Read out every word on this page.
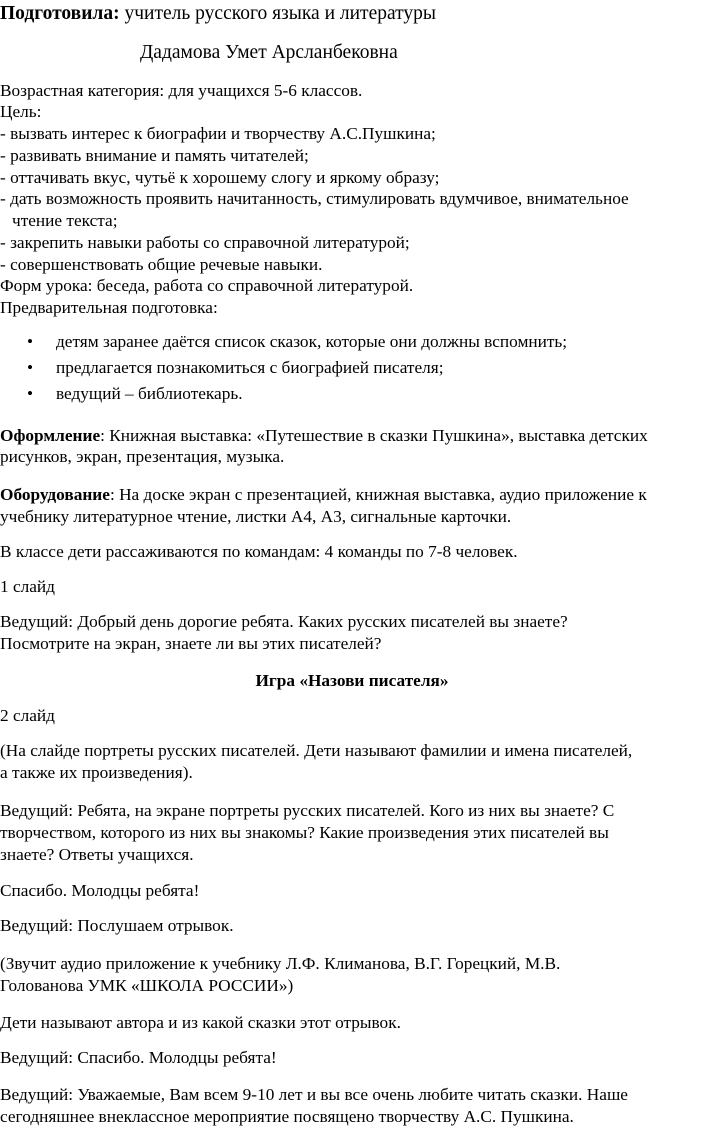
Подготовила: учитель русского языка и литературы
Дадамова Умет Арсланбековна
Возрастная категория: для учащихся 5-6 классов.
Цель:
- вызвать интерес к биографии и творчеству А.С.Пушкина;
- развивать внимание и память читателей;
- оттачивать вкус, чутьё к хорошему слогу и яркому образу;
- дать возможность проявить начитанность, стимулировать вдумчивое, внимательное
чтение текста;
- закрепить навыки работы со справочной литературой;
- совершенствовать общие речевые навыки.
Форм урока: беседа, работа со справочной литературой.
Предварительная подготовка:
• детям заранее даётся список сказок, которые они должны вспомнить;
• предлагается познакомиться с биографией писателя;
• ведущий – библиотекарь.
Оформление: Книжная выставка: «Путешествие в сказки Пушкина», выставка детских
рисунков, экран, презентация, музыка.
Оборудование: На доске экран с презентацией, книжная выставка, аудио приложение к
учебнику литературное чтение, листки А4, А3, сигнальные карточки.
В классе дети рассаживаются по командам: 4 команды по 7-8 человек.
1 слайд
Ведущий: Добрый день дорогие ребята. Каких русских писателей вы знаете?
Посмотрите на экран, знаете ли вы этих писателей?
Игра «Назови писателя»
2 слайд
(На слайде портреты русских писателей. Дети называют фамилии и имена писателей,
а также их произведения).
Ведущий: Ребята, на экране портреты русских писателей. Кого из них вы знаете? С
творчеством, которого из них вы знакомы? Какие произведения этих писателей вы
знаете? Ответы учащихся.
Спасибо. Молодцы ребята!
Ведущий: Послушаем отрывок.
(Звучит аудио приложение к учебнику Л.Ф. Климанова, В.Г. Горецкий, М.В.
Голованова УМК «ШКОЛА РОССИИ»)
Дети называют автора и из какой сказки этот отрывок.
Ведущий: Спасибо. Молодцы ребята!
Ведущий: Уважаемые, Вам всем 9-10 лет и вы все очень любите читать сказки. Наше
сегодняшнее внеклассное мероприятие посвящено творчеству А.С. Пушкина.
